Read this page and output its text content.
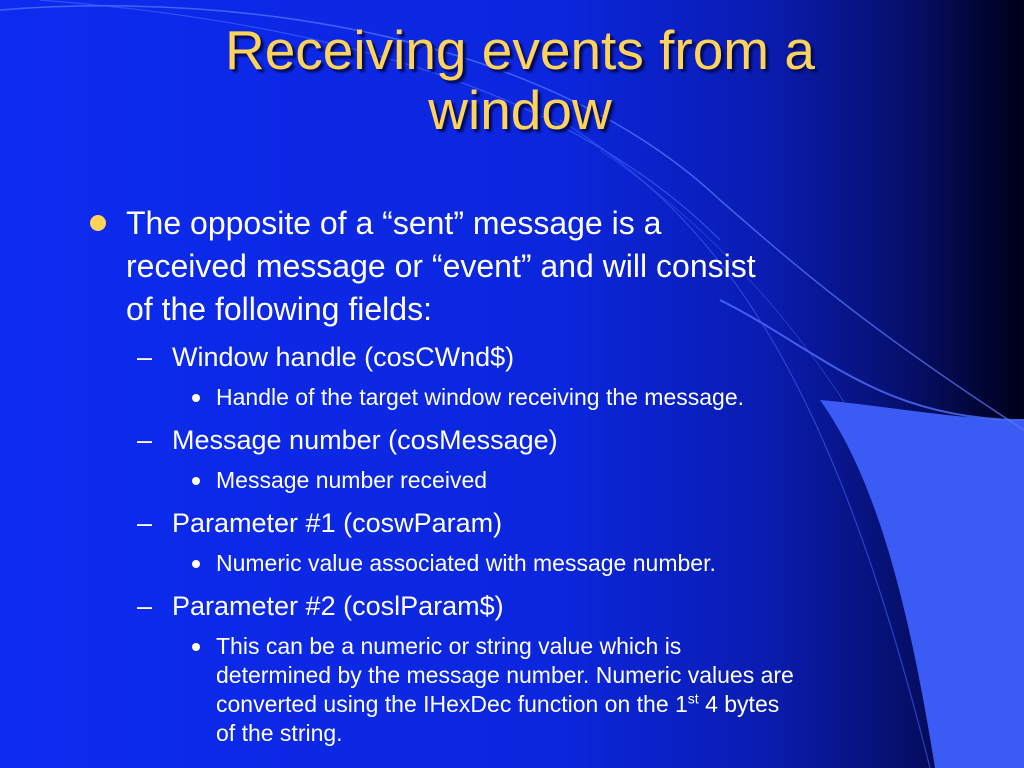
Receiving events from a
window
The opposite of a “sent” message is a
received message or “event” and will consist
of the following fields:
– Window handle (cosCWnd$)
Handle of the target window receiving the message.
– Message number (cosMessage)
Message number received
– Parameter #1 (coswParam)
Numeric value associated with message number.
– Parameter #2 (coslParam$)
This can be a numeric or string value which is
determined by the message number. Numeric values are
converted using the IHexDec function on the 1st 4 bytes
of the string.
